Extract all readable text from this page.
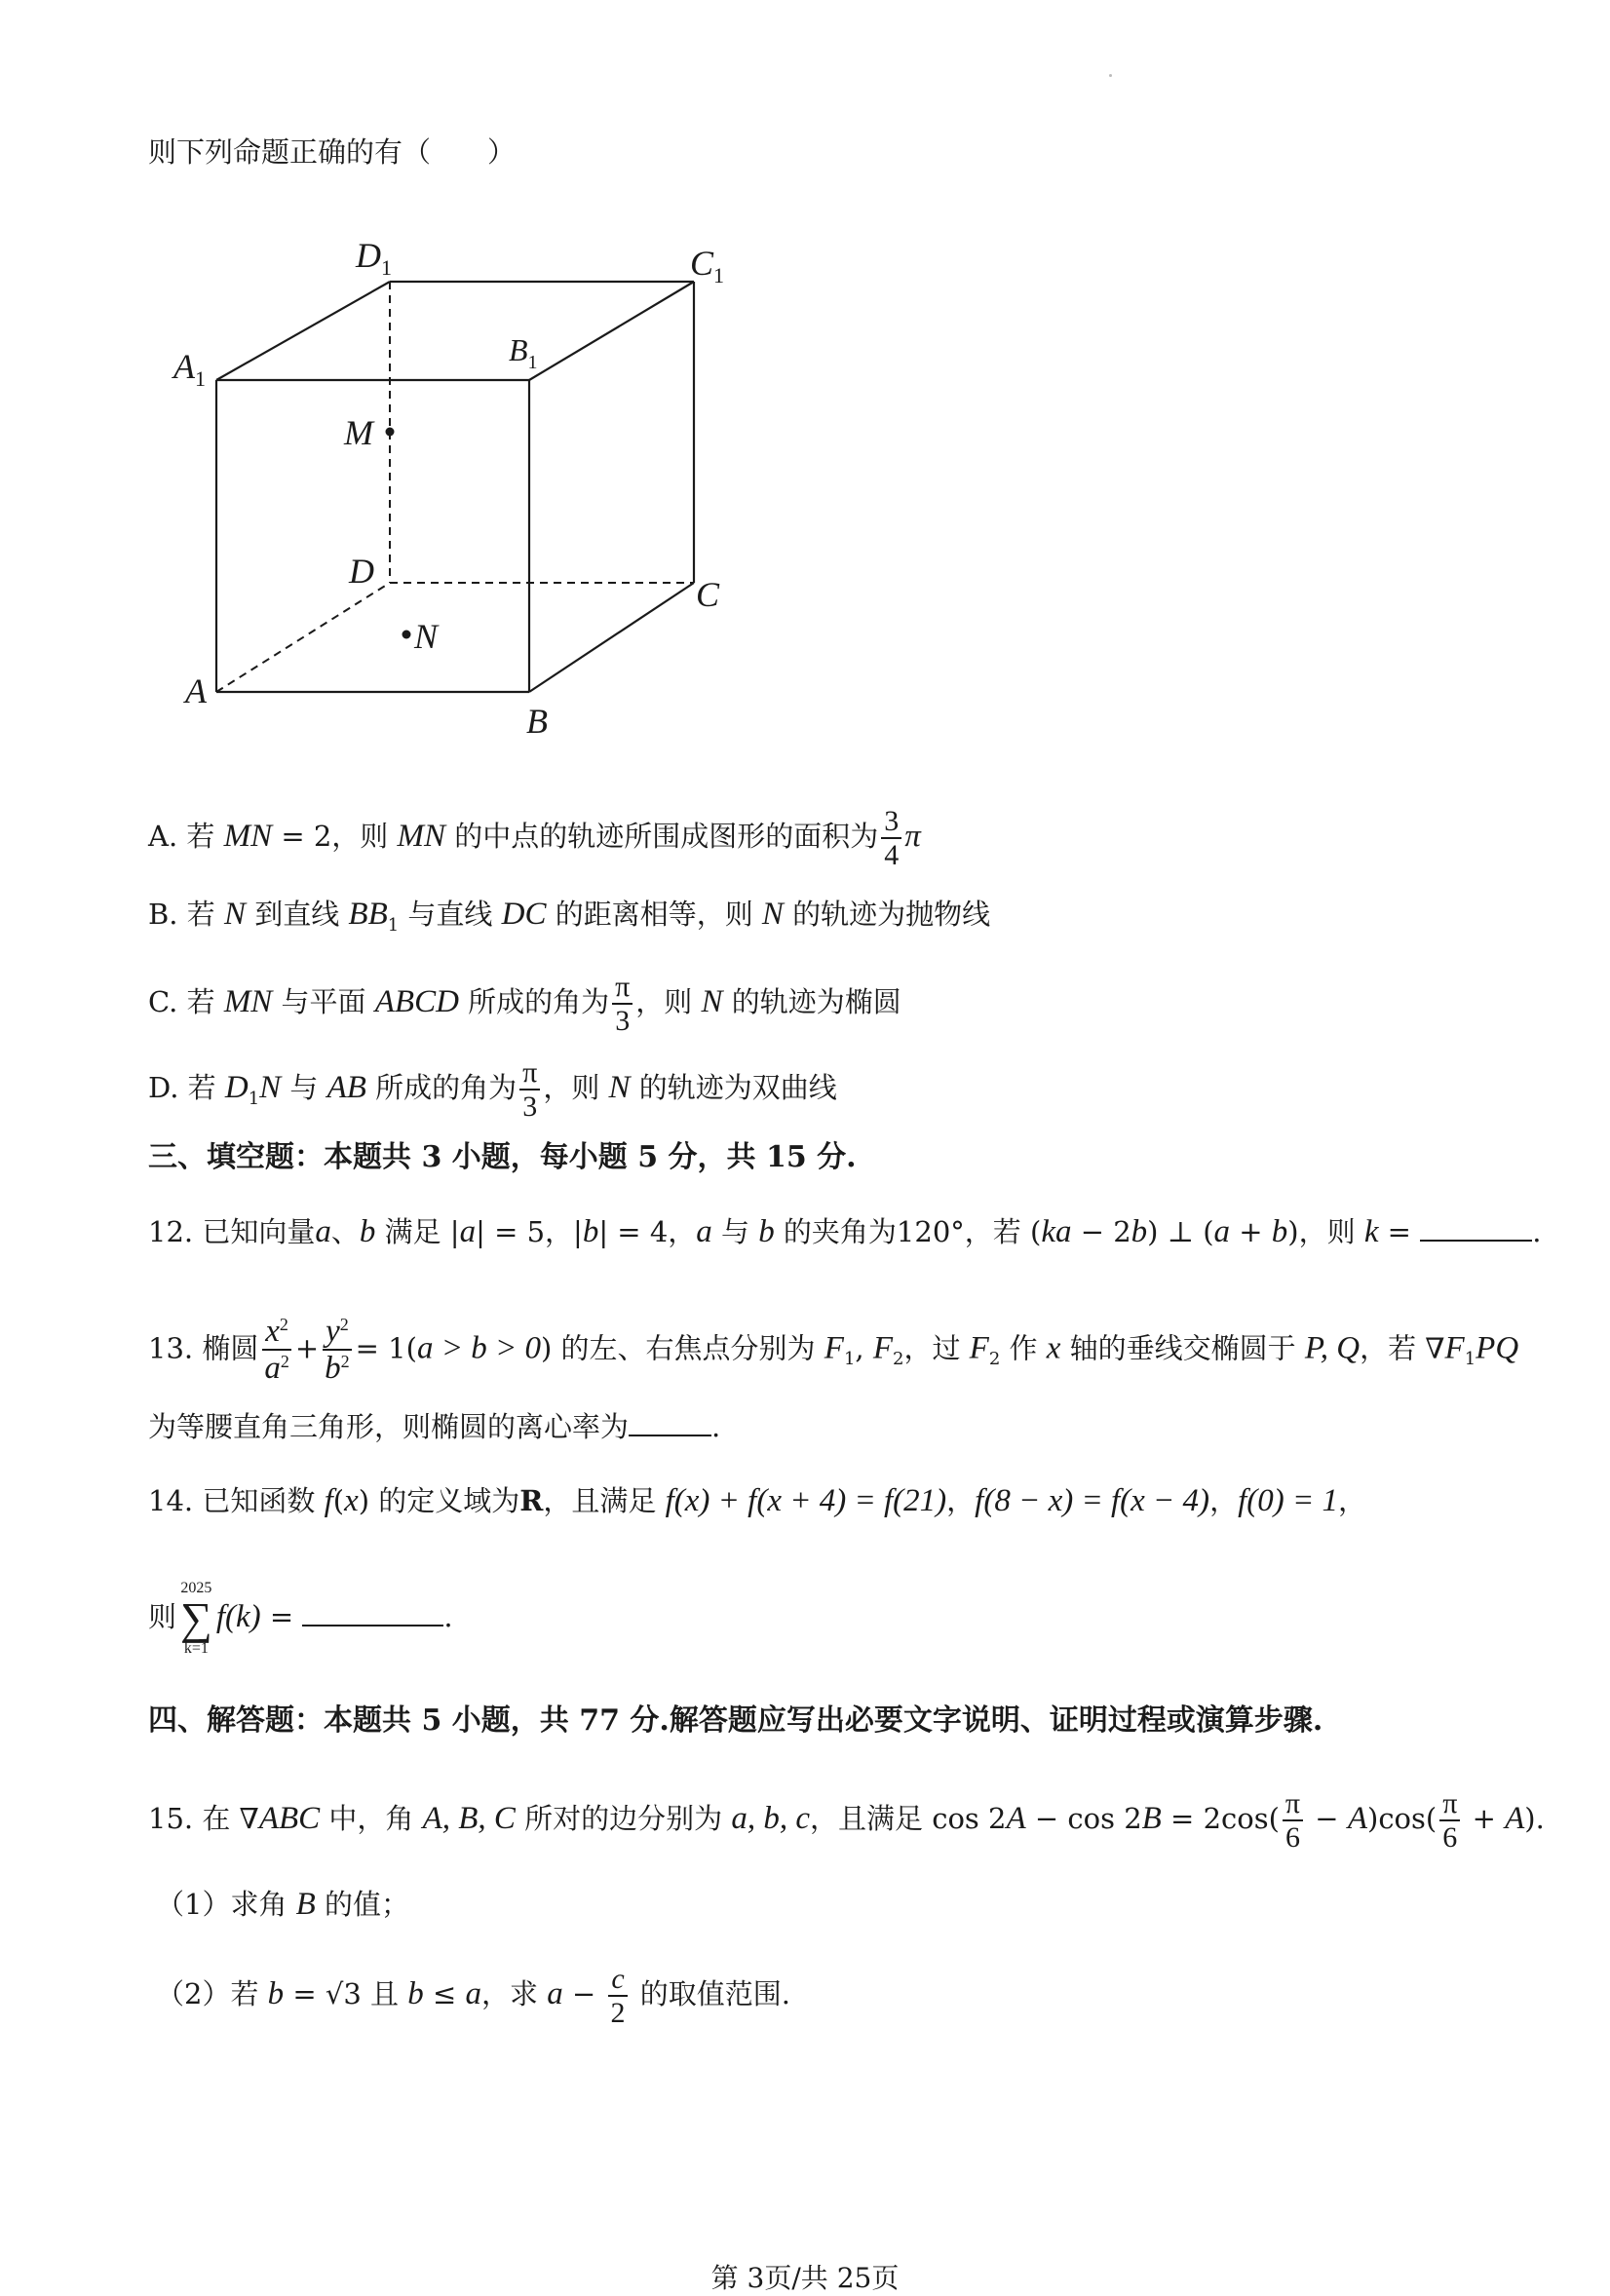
则下列命题正确的有（　　）
$D_1$	$C_1$
$A_1$
$B_1$
M
D
C
N
A
B
A. 若 MN = 2，则 MN 的中点的轨迹所围成图形的面积为 $\frac{3}{4}$ π
B. 若 N 到直线 $BB_1$ 与直线 DC 的距离相等，则 N 的轨迹为抛物线
C. 若 MN 与平面 ABCD 所成的角为 $\frac{\pi}{3}$ ，则 N 的轨迹为椭圆
D. 若 $D_1N$ 与 AB 所成的角为 $\frac{\pi}{3}$ ，则 N 的轨迹为双曲线
三、填空题：本题共 3 小题，每小题 5 分，共 15 分.
12. 已知向量a、b 满足 |a| = 5，|b| = 4，a 与 b 的夹角为120°，若 (ka − 2b) ⊥ (a + b)，则 k =	.
13. 椭圆 $\frac{x^2}{a^2} + \frac{y^2}{b^2} = 1(a > b > 0)$ 的左、右焦点分别为 $F_1$, $F_2$，过 $F_2$ 作 x 轴的垂线交椭圆于 P, Q，若 $\nabla F_1PQ$
为等腰直角三角形，则椭圆的离心率为	.
14. 已知函数 f(x) 的定义域为R，且满足 f(x) + f(x + 4) = f(21)，f(8 − x) = f(x − 4)，f(0) = 1，
则
2025
∑
k=1
f(k) =	.
四、解答题：本题共 5 小题，共 77 分.解答题应写出必要文字说明、证明过程或演算步骤.
15. 在 ∇ABC 中，角 A, B, C 所对的边分别为 a, b, c，且满足 $\cos 2A - \cos 2B = 2\cos( \frac{\pi}{6} - A)\cos( \frac{\pi}{6} + A)$.
（1）求角 B 的值；
（2）若 b = √3 且 b ≤ a，求 $a - \frac{c}{2}$ 的取值范围.
第 3页/共 25页
